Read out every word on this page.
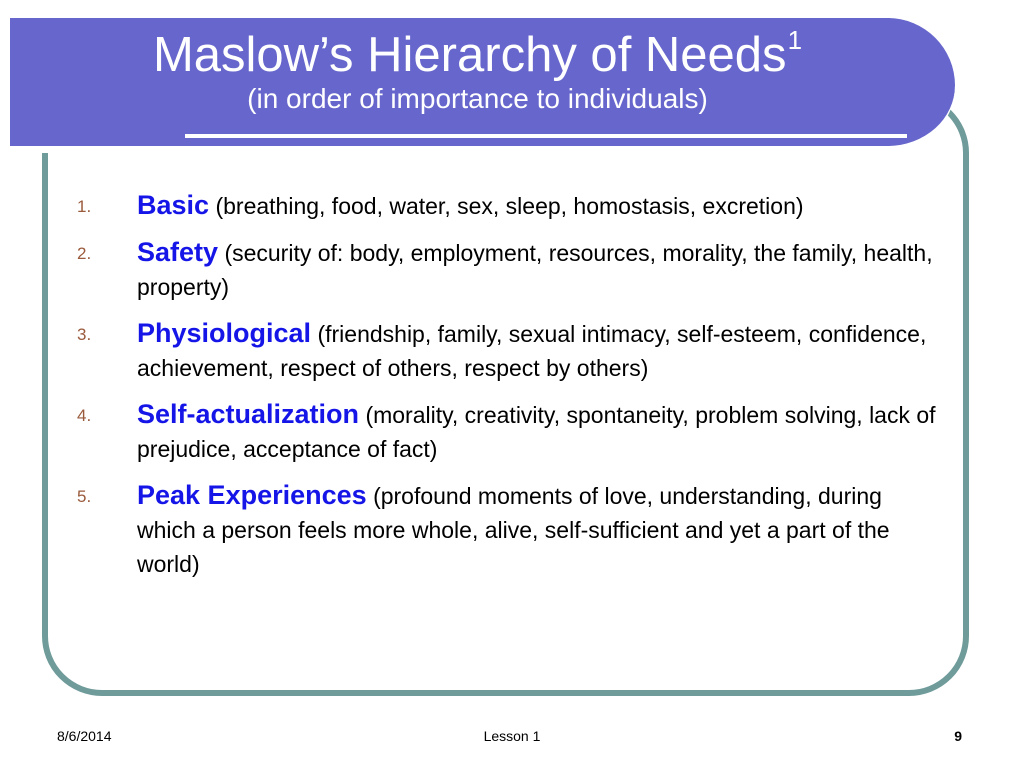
Maslow’s Hierarchy of Needs$^1$
(in order of importance to individuals)
1. Basic (breathing, food, water, sex, sleep, homostasis, excretion)
2. Safety (security of: body, employment, resources, morality, the family, health, property)
3. Physiological (friendship, family, sexual intimacy, self-esteem, confidence, achievement, respect of others, respect by others)
4. Self-actualization (morality, creativity, spontaneity, problem solving, lack of prejudice, acceptance of fact)
5. Peak Experiences (profound moments of love, understanding, during which a person feels more whole, alive, self-sufficient and yet a part of the world)
8/6/2014	Lesson 1	9
